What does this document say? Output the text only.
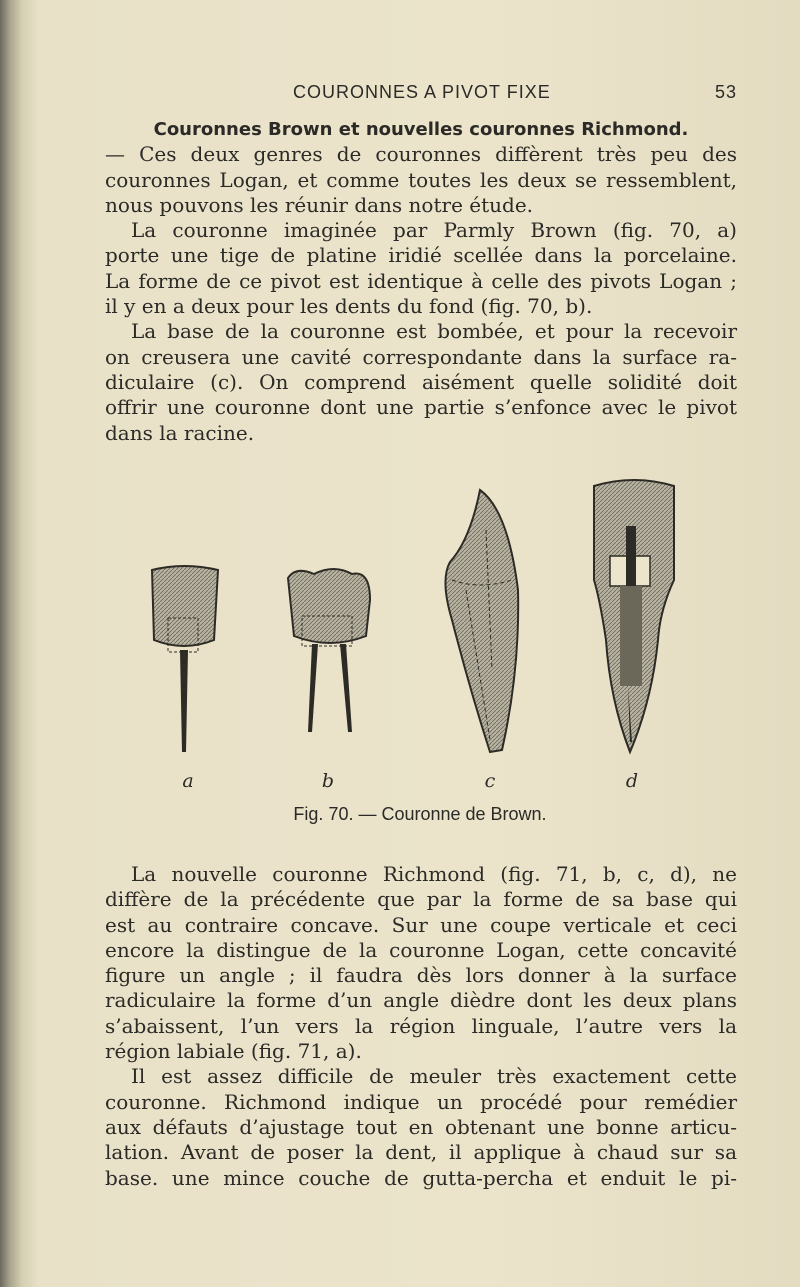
COURONNES A PIVOT FIXE	53
Couronnes Brown et nouvelles couronnes Richmond.
— Ces deux genres de couronnes diffèrent très peu des
couronnes Logan, et comme toutes les deux se ressemblent,
nous pouvons les réunir dans notre étude.
La couronne imaginée par Parmly Brown (fig. 70, a)
porte une tige de platine iridié scellée dans la porcelaine.
La forme de ce pivot est identique à celle des pivots Logan ;
il y en a deux pour les dents du fond (fig. 70, b).
La base de la couronne est bombée, et pour la recevoir
on creusera une cavité correspondante dans la surface ra-
diculaire (c). On comprend aisément quelle solidité doit
offrir une couronne dont une partie s’enfonce avec le pivot
dans la racine.
a	b	c	d
Fig. 70. — Couronne de Brown.
La nouvelle couronne Richmond (fig. 71, b, c, d), ne
diffère de la précédente que par la forme de sa base qui
est au contraire concave. Sur une coupe verticale et ceci
encore la distingue de la couronne Logan, cette concavité
figure un angle ; il faudra dès lors donner à la surface
radiculaire la forme d’un angle dièdre dont les deux plans
s’abaissent, l’un vers la région linguale, l’autre vers la
région labiale (fig. 71, a).
Il est assez difficile de meuler très exactement cette
couronne. Richmond indique un procédé pour remédier
aux défauts d’ajustage tout en obtenant une bonne articu-
lation. Avant de poser la dent, il applique à chaud sur sa
base. une mince couche de gutta-percha et enduit le pi-
